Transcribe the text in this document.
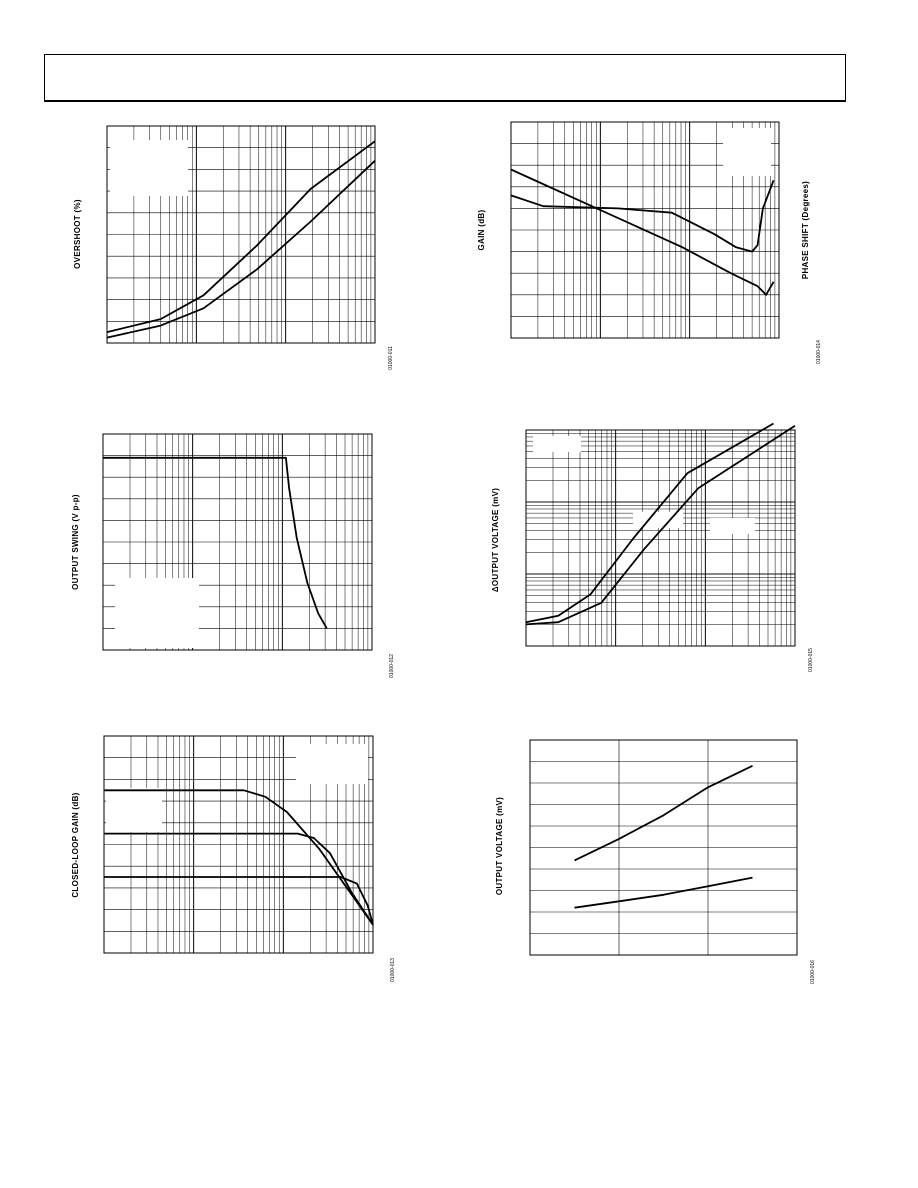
OVERSHOOT (%)
01000-011
GAIN (dB)	PHASE SHIFT (Degrees)
01000-014
OUTPUT SWING (V p-p)
01000-012
ΔOUTPUT VOLTAGE (mV)
01000-015
CLOSED-LOOP GAIN (dB)
01000-013
OUTPUT VOLTAGE (mV)
01000-016
